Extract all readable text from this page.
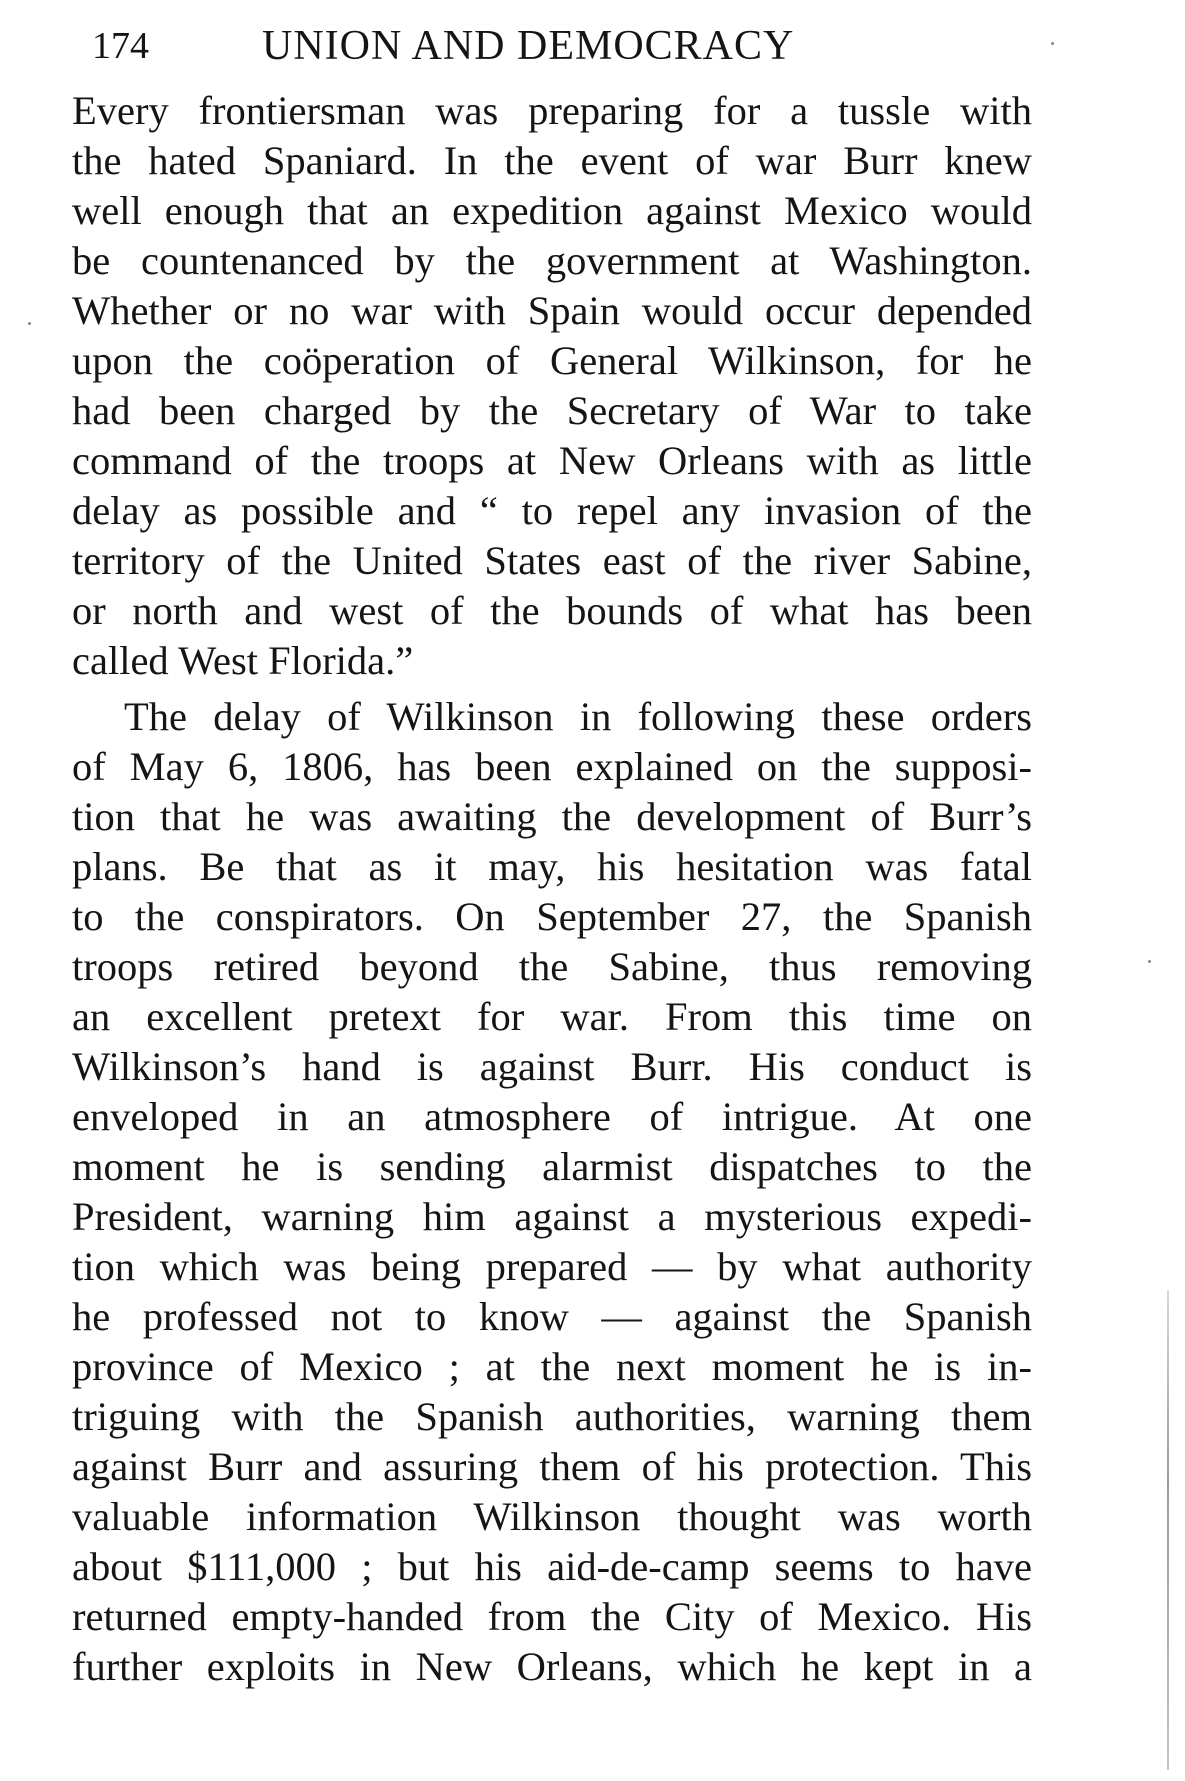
174	UNION AND DEMOCRACY
Every frontiersman was preparing for a tussle with
the hated Spaniard. In the event of war Burr knew
well enough that an expedition against Mexico would
be countenanced by the government at Washington.
Whether or no war with Spain would occur depended
upon the coöperation of General Wilkinson, for he
had been charged by the Secretary of War to take
command of the troops at New Orleans with as little
delay as possible and “ to repel any invasion of the
territory of the United States east of the river Sabine,
or north and west of the bounds of what has been
called West Florida.”
The delay of Wilkinson in following these orders
of May 6, 1806, has been explained on the supposi-
tion that he was awaiting the development of Burr’s
plans. Be that as it may, his hesitation was fatal
to the conspirators. On September 27, the Spanish
troops retired beyond the Sabine, thus removing
an excellent pretext for war. From this time on
Wilkinson’s hand is against Burr. His conduct is
enveloped in an atmosphere of intrigue. At one
moment he is sending alarmist dispatches to the
President, warning him against a mysterious expedi-
tion which was being prepared — by what authority
he professed not to know — against the Spanish
province of Mexico ; at the next moment he is in-
triguing with the Spanish authorities, warning them
against Burr and assuring them of his protection. This
valuable information Wilkinson thought was worth
about $111,000 ; but his aid-de-camp seems to have
returned empty-handed from the City of Mexico. His
further exploits in New Orleans, which he kept in a
